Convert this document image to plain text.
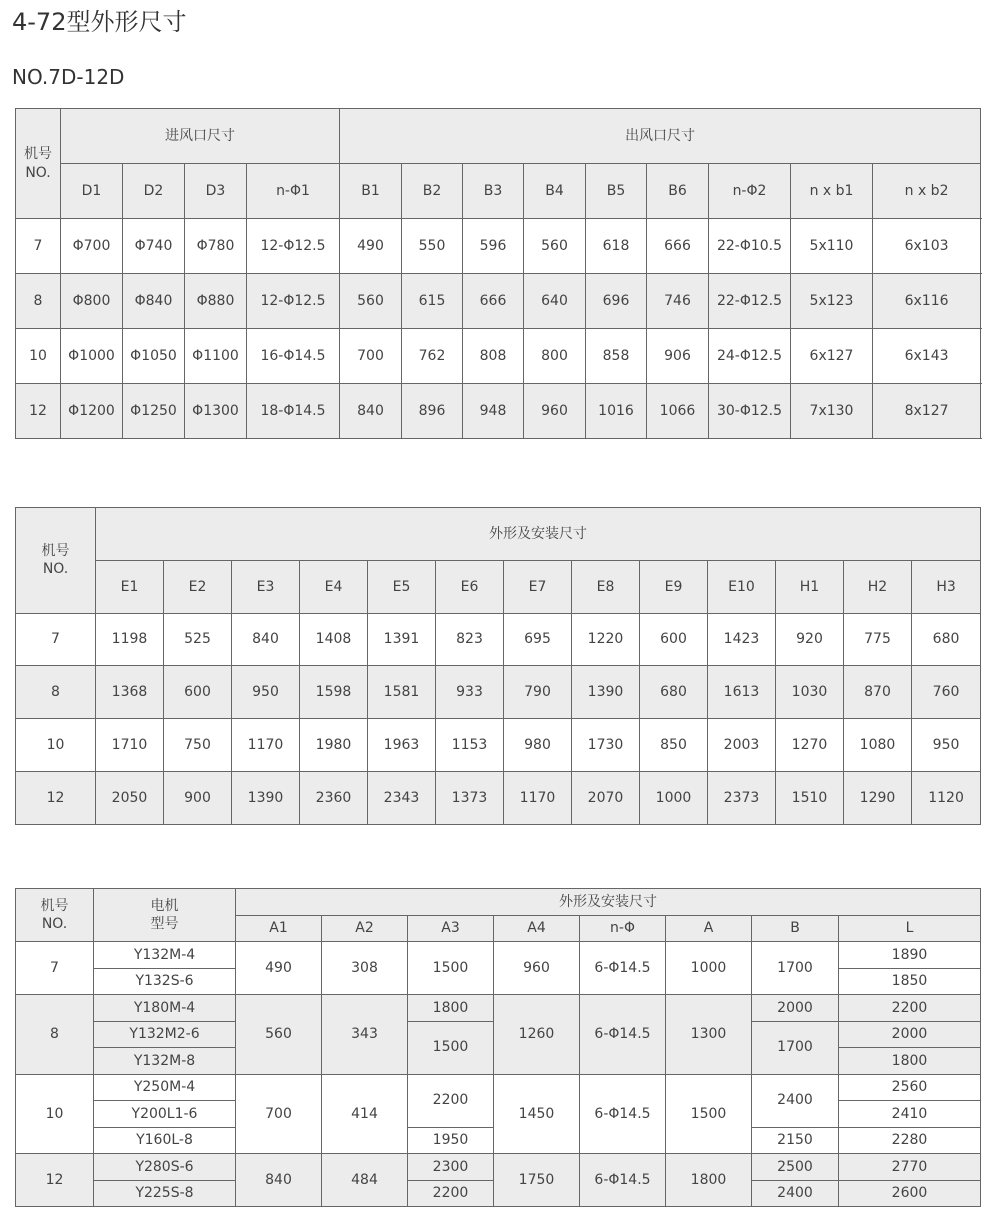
4-72型外形尺寸
NO.7D-12D
机号
NO.	进风口尺寸				出风口尺寸								
	D1	D2	D3	n-Φ1	B1	B2	B3	B4	B5	B6	n-Φ2	n x b1	n x b2
7	Φ700	Φ740	Φ780	12-Φ12.5	490	550	596	560	618	666	22-Φ10.5	5x110	6x103
8	Φ800	Φ840	Φ880	12-Φ12.5	560	615	666	640	696	746	22-Φ12.5	5x123	6x116
10	Φ1000	Φ1050	Φ1100	16-Φ14.5	700	762	808	800	858	906	24-Φ12.5	6x127	6x143
12	Φ1200	Φ1250	Φ1300	18-Φ14.5	840	896	948	960	1016	1066	30-Φ12.5	7x130	8x127
机号
NO.	外形及安装尺寸												
	E1	E2	E3	E4	E5	E6	E7	E8	E9	E10	H1	H2	H3
7	1198	525	840	1408	1391	823	695	1220	600	1423	920	775	680
8	1368	600	950	1598	1581	933	790	1390	680	1613	1030	870	760
10	1710	750	1170	1980	1963	1153	980	1730	850	2003	1270	1080	950
12	2050	900	1390	2360	2343	1373	1170	2070	1000	2373	1510	1290	1120
机号
NO.	电机
型号	外形及安装尺寸							
		A1	A2	A3	A4	n-Φ	A	B	L
7	Y132M-4	490	308	1500	960	6-Φ14.5	1000	1700	1890
	Y132S-6								1850
8	Y180M-4	560	343	1800	1260	6-Φ14.5	1300	2000	2200
	Y132M2-6			1500				1700	2000
	Y132M-8								1800
10	Y250M-4	700	414	2200	1450	6-Φ14.5	1500	2400	2560
	Y200L1-6								2410
	Y160L-8			1950				2150	2280
12	Y280S-6	840	484	2300	1750	6-Φ14.5	1800	2500	2770
	Y225S-8			2200				2400	2600
